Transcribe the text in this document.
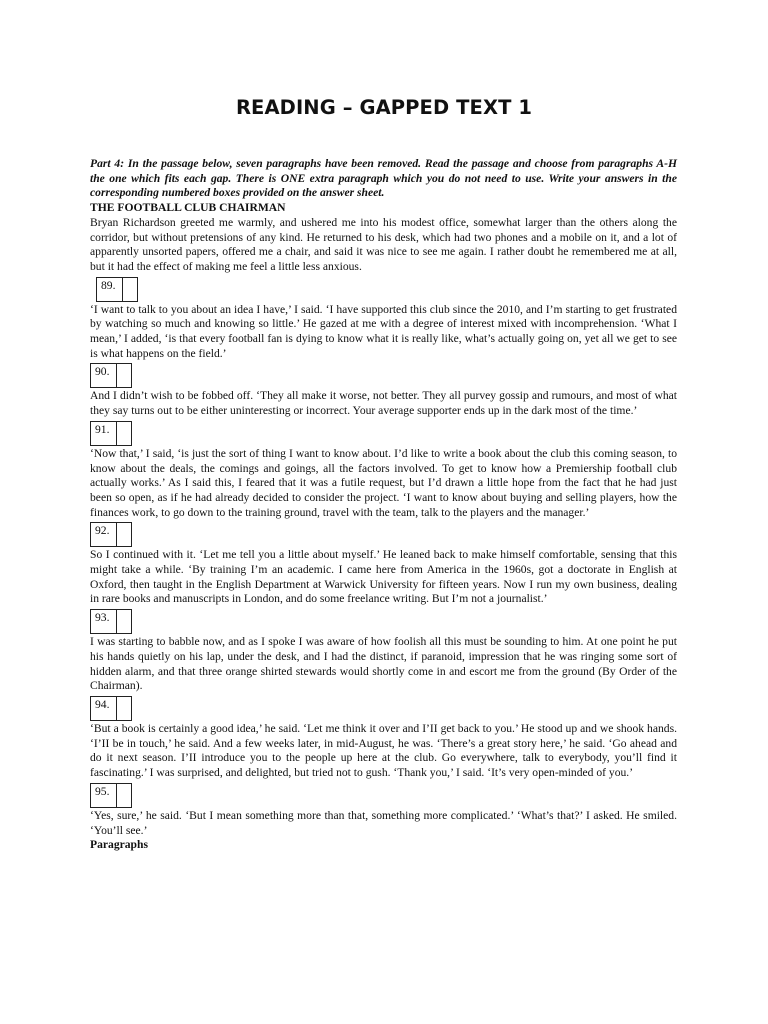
READING – GAPPED TEXT 1

Part 4: In the passage below, seven paragraphs have been removed. Read the passage and choose from paragraphs A-H the one which fits each gap. There is ONE extra paragraph which you do not need to use. Write your answers in the corresponding numbered boxes provided on the answer sheet.

THE FOOTBALL CLUB CHAIRMAN

Bryan Richardson greeted me warmly, and ushered me into his modest office, somewhat larger than the others along the corridor, but without pretensions of any kind. He returned to his desk, which had two phones and a mobile on it, and a lot of apparently unsorted papers, offered me a chair, and said it was nice to see me again. I rather doubt he remembered me at all, but it had the effect of making me feel a little less anxious.

89.

‘I want to talk to you about an idea I have,’ I said. ‘I have supported this club since the 2010, and I’m starting to get frustrated by watching so much and knowing so little.’ He gazed at me with a degree of interest mixed with incomprehension. ‘What I mean,’ I added, ‘is that every football fan is dying to know what it is really like, what’s actually going on, yet all we get to see is what happens on the field.’

90.

And I didn’t wish to be fobbed off. ‘They all make it worse, not better. They all purvey gossip and rumours, and most of what they say turns out to be either uninteresting or incorrect. Your average supporter ends up in the dark most of the time.’

91.

‘Now that,’ I said, ‘is just the sort of thing I want to know about. I’d like to write a book about the club this coming season, to know about the deals, the comings and goings, all the factors involved. To get to know how a Premiership football club actually works.’ As I said this, I feared that it was a futile request, but I’d drawn a little hope from the fact that he had just been so open, as if he had already decided to consider the project. ‘I want to know about buying and selling players, how the finances work, to go down to the training ground, travel with the team, talk to the players and the manager.’

92.

So I continued with it. ‘Let me tell you a little about myself.’ He leaned back to make himself comfortable, sensing that this might take a while. ‘By training I’m an academic. I came here from America in the 1960s, got a doctorate in English at Oxford, then taught in the English Department at Warwick University for fifteen years. Now I run my own business, dealing in rare books and manuscripts in London, and do some freelance writing. But I’m not a journalist.’

93.

I was starting to babble now, and as I spoke I was aware of how foolish all this must be sounding to him. At one point he put his hands quietly on his lap, under the desk, and I had the distinct, if paranoid, impression that he was ringing some sort of hidden alarm, and that three orange shirted stewards would shortly come in and escort me from the ground (By Order of the Chairman).

94.

‘But a book is certainly a good idea,’ he said. ‘Let me think it over and I’II get back to you.’ He stood up and we shook hands. ‘I’II be in touch,’ he said. And a few weeks later, in mid-August, he was. ‘There’s a great story here,’ he said. ‘Go ahead and do it next season. I’II introduce you to the people up here at the club. Go everywhere, talk to everybody, you’ll find it fascinating.’ I was surprised, and delighted, but tried not to gush. ‘Thank you,’ I said. ‘It’s very open-minded of you.’

95.

‘Yes, sure,’ he said. ‘But I mean something more than that, something more complicated.’ ‘What’s that?’ I asked. He smiled. ‘You’ll see.’

Paragraphs
